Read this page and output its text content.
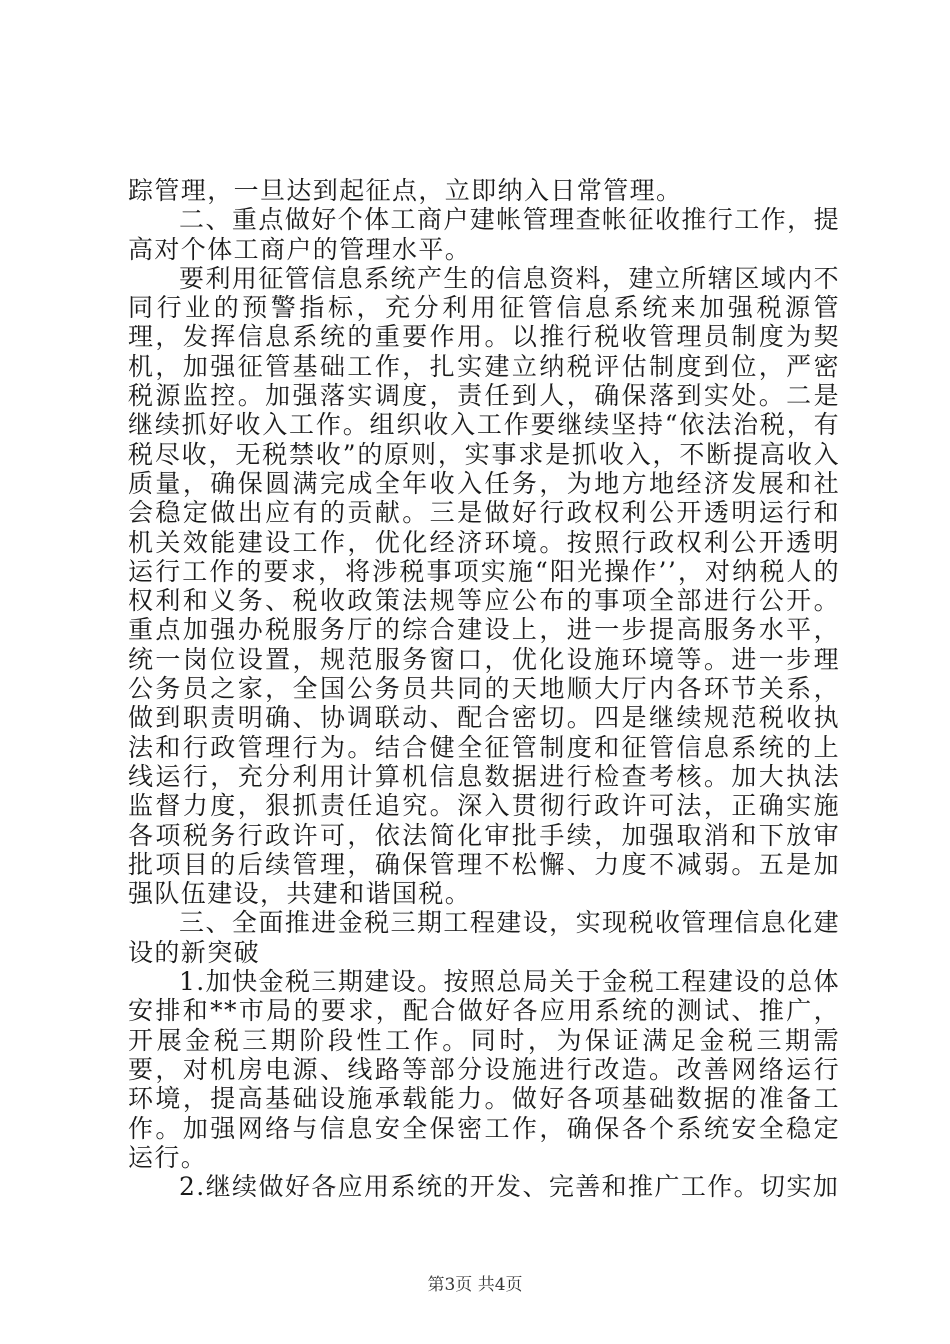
踪管理，一旦达到起征点，立即纳入日常管理。

二、重点做好个体工商户建帐管理查帐征收推行工作，提高对个体工商户的管理水平。

要利用征管信息系统产生的信息资料，建立所辖区域内不同行业的预警指标，充分利用征管信息系统来加强税源管理，发挥信息系统的重要作用。以推行税收管理员制度为契机，加强征管基础工作，扎实建立纳税评估制度到位，严密税源监控。加强落实调度，责任到人，确保落到实处。二是继续抓好收入工作。组织收入工作要继续坚持“依法治税，有税尽收，无税禁收”的原则，实事求是抓收入，不断提高收入质量，确保圆满完成全年收入任务，为地方地经济发展和社会稳定做出应有的贡献。三是做好行政权利公开透明运行和机关效能建设工作，优化经济环境。按照行政权利公开透明运行工作的要求，将涉税事项实施“阳光操作’’，对纳税人的权利和义务、税收政策法规等应公布的事项全部进行公开。重点加强办税服务厅的综合建设上，进一步提高服务水平，统一岗位设置，规范服务窗口，优化设施环境等。进一步理公务员之家，全国公务员共同的天地顺大厅内各环节关系，做到职责明确、协调联动、配合密切。四是继续规范税收执法和行政管理行为。结合健全征管制度和征管信息系统的上线运行，充分利用计算机信息数据进行检查考核。加大执法监督力度，狠抓责任追究。深入贯彻行政许可法，正确实施各项税务行政许可，依法简化审批手续，加强取消和下放审批项目的后续管理，确保管理不松懈、力度不减弱。五是加强队伍建设，共建和谐国税。

三、全面推进金税三期工程建设，实现税收管理信息化建设的新突破

1.加快金税三期建设。按照总局关于金税工程建设的总体安排和**市局的要求，配合做好各应用系统的测试、推广，开展金税三期阶段性工作。同时，为保证满足金税三期需要，对机房电源、线路等部分设施进行改造。改善网络运行环境，提高基础设施承载能力。做好各项基础数据的准备工作。加强网络与信息安全保密工作，确保各个系统安全稳定运行。

2.继续做好各应用系统的开发、完善和推广工作。切实加

第3页 共4页
